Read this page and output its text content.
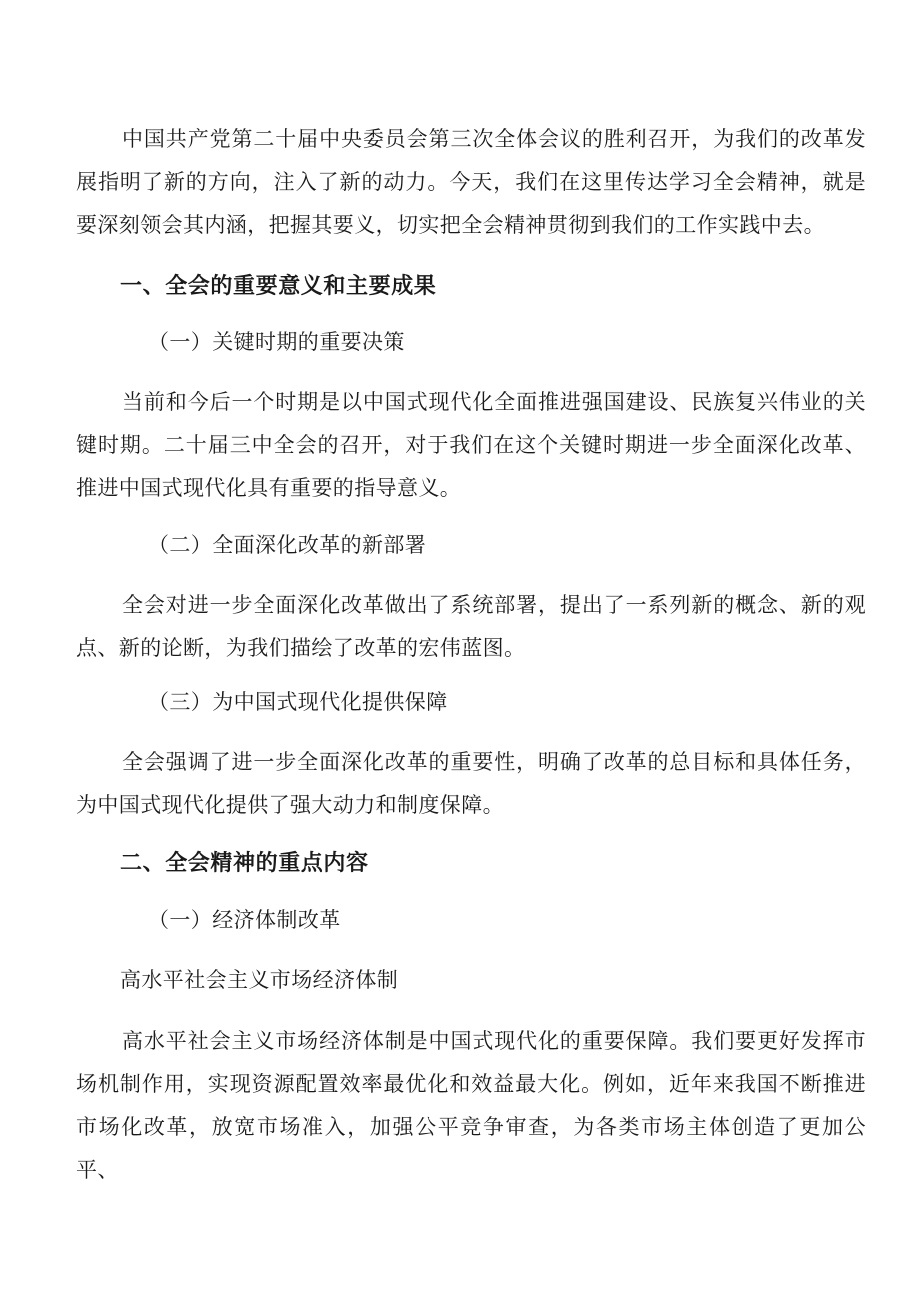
中国共产党第二十届中央委员会第三次全体会议的胜利召开，为我们的改革发展指明了新的方向，注入了新的动力。今天，我们在这里传达学习全会精神，就是要深刻领会其内涵，把握其要义，切实把全会精神贯彻到我们的工作实践中去。

一、全会的重要意义和主要成果
（一）关键时期的重要决策

当前和今后一个时期是以中国式现代化全面推进强国建设、民族复兴伟业的关键时期。二十届三中全会的召开，对于我们在这个关键时期进一步全面深化改革、推进中国式现代化具有重要的指导意义。

（二）全面深化改革的新部署

全会对进一步全面深化改革做出了系统部署，提出了一系列新的概念、新的观点、新的论断，为我们描绘了改革的宏伟蓝图。

（三）为中国式现代化提供保障

全会强调了进一步全面深化改革的重要性，明确了改革的总目标和具体任务，为中国式现代化提供了强大动力和制度保障。

二、全会精神的重点内容
（一）经济体制改革
高水平社会主义市场经济体制

高水平社会主义市场经济体制是中国式现代化的重要保障。我们要更好发挥市场机制作用，实现资源配置效率最优化和效益最大化。例如，近年来我国不断推进市场化改革，放宽市场准入，加强公平竞争审查，为各类市场主体创造了更加公平、
